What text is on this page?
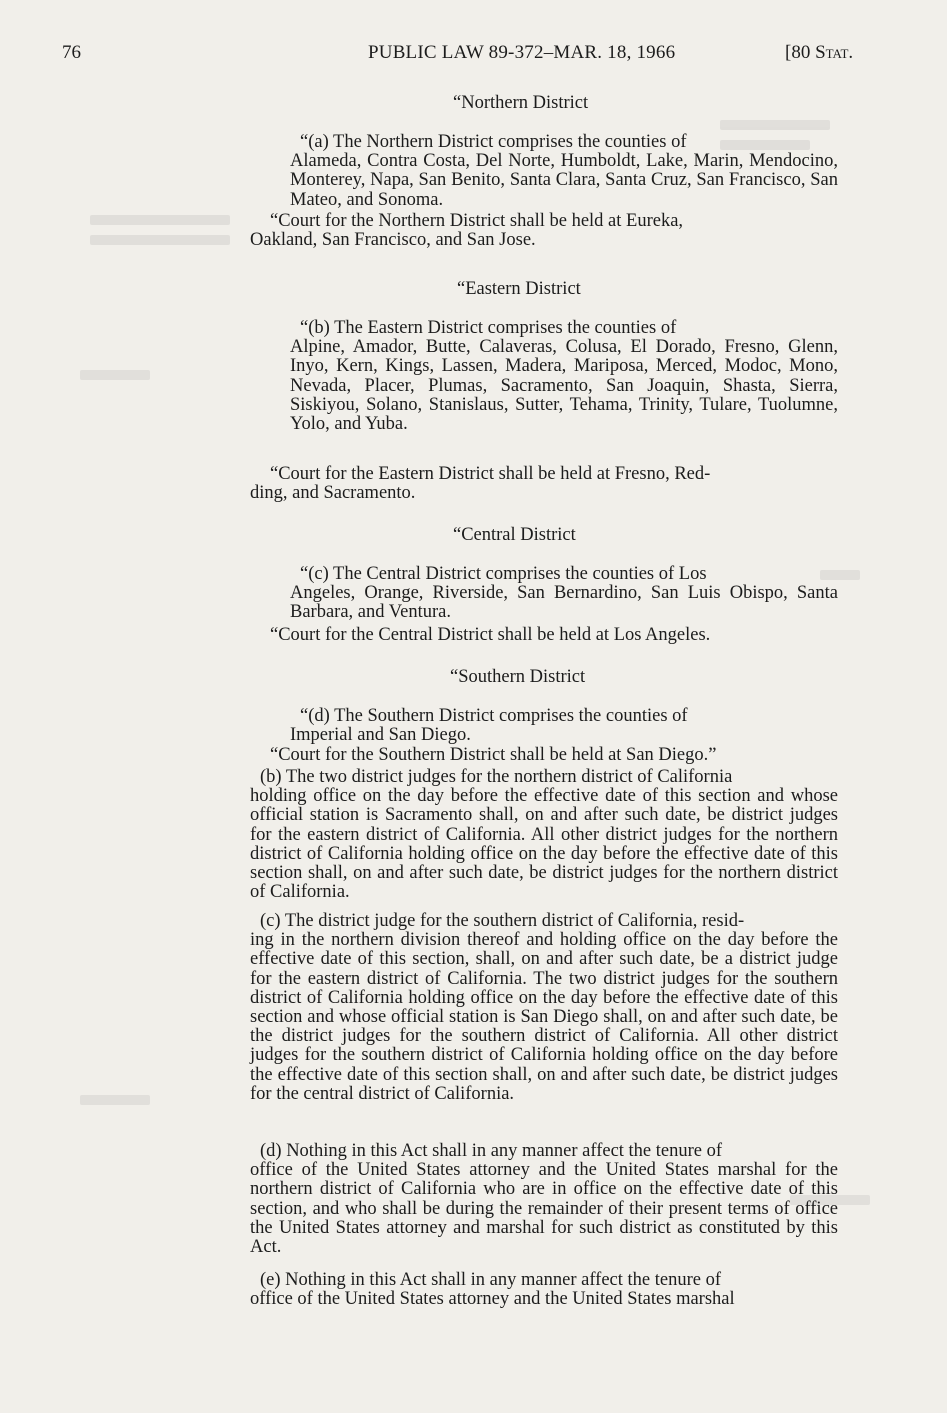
76	PUBLIC LAW 89-372–MAR. 18, 1966	[80 Stat.
“Northern District

“(a) The Northern District comprises the counties of

Alameda, Contra Costa, Del Norte, Humboldt, Lake, Marin, Mendocino, Monterey, Napa, San Benito, Santa Clara, Santa Cruz, San Francisco, San Mateo, and Sonoma.

“Court for the Northern District shall be held at Eureka,

Oakland, San Francisco, and San Jose.

“Eastern District

“(b) The Eastern District comprises the counties of

Alpine, Amador, Butte, Calaveras, Colusa, El Dorado, Fresno, Glenn, Inyo, Kern, Kings, Lassen, Madera, Mariposa, Merced, Modoc, Mono, Nevada, Placer, Plumas, Sacramento, San Joaquin, Shasta, Sierra, Siskiyou, Solano, Stanislaus, Sutter, Tehama, Trinity, Tulare, Tuolumne, Yolo, and Yuba.

“Court for the Eastern District shall be held at Fresno, Red-

ding, and Sacramento.

“Central District

“(c) The Central District comprises the counties of Los

Angeles, Orange, Riverside, San Bernardino, San Luis Obispo, Santa Barbara, and Ventura.

“Court for the Central District shall be held at Los Angeles.

“Southern District

“(d) The Southern District comprises the counties of

Imperial and San Diego.

“Court for the Southern District shall be held at San Diego.”

(b) The two district judges for the northern district of California

holding office on the day before the effective date of this section and whose official station is Sacramento shall, on and after such date, be district judges for the eastern district of California. All other district judges for the northern district of California holding office on the day before the effective date of this section shall, on and after such date, be district judges for the northern district of California.

(c) The district judge for the southern district of California, resid-

ing in the northern division thereof and holding office on the day before the effective date of this section, shall, on and after such date, be a district judge for the eastern district of California. The two district judges for the southern district of California holding office on the day before the effective date of this section and whose official station is San Diego shall, on and after such date, be the district judges for the southern district of California. All other district judges for the southern district of California holding office on the day before the effective date of this section shall, on and after such date, be district judges for the central district of California.

(d) Nothing in this Act shall in any manner affect the tenure of

office of the United States attorney and the United States marshal for the northern district of California who are in office on the effective date of this section, and who shall be during the remainder of their present terms of office the United States attorney and marshal for such district as constituted by this Act.

(e) Nothing in this Act shall in any manner affect the tenure of

office of the United States attorney and the United States marshal
